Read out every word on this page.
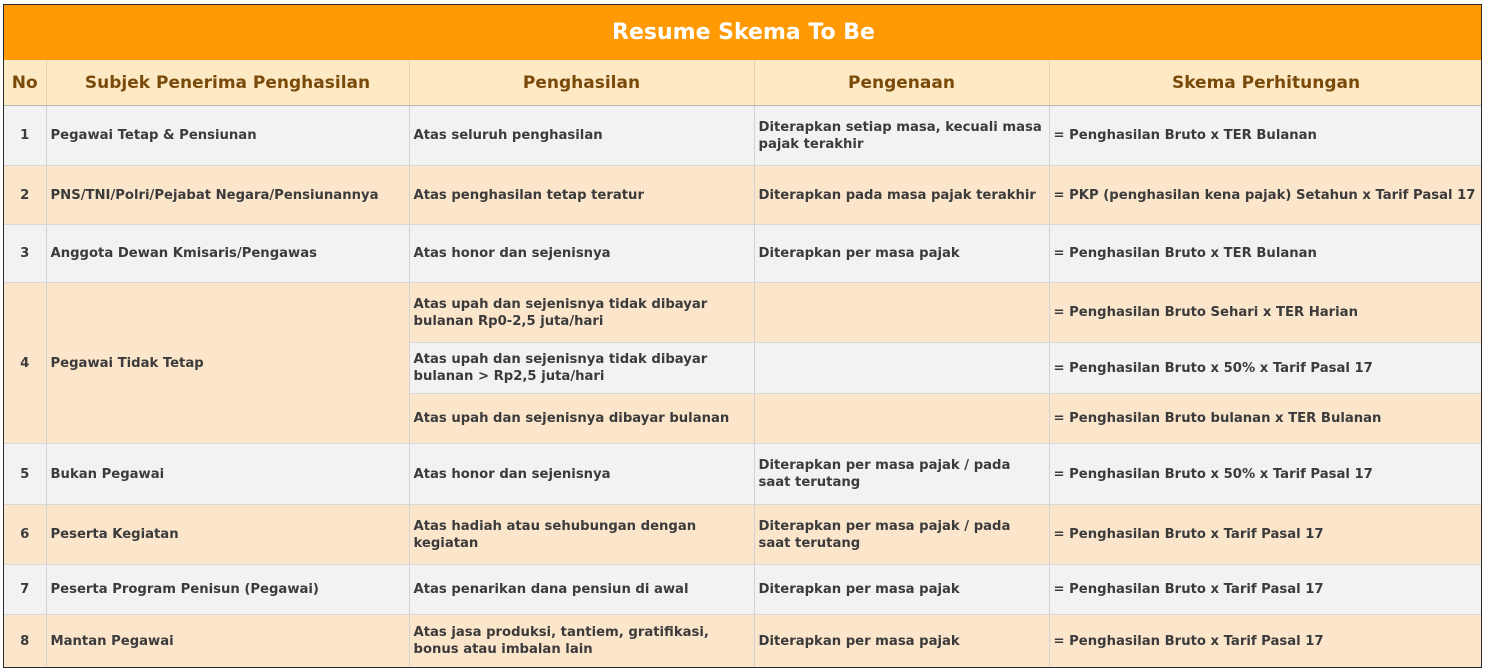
Resume Skema To Be				
No	Subjek Penerima Penghasilan	Penghasilan	Pengenaan	Skema Perhitungan
1	Pegawai Tetap & Pensiunan	Atas seluruh penghasilan	Diterapkan setiap masa, kecuali masa pajak terakhir	= Penghasilan Bruto x TER Bulanan
2	PNS/TNI/Polri/Pejabat Negara/Pensiunannya	Atas penghasilan tetap teratur	Diterapkan pada masa pajak terakhir	= PKP (penghasilan kena pajak) Setahun x Tarif Pasal 17
3	Anggota Dewan Kmisaris/Pengawas	Atas honor dan sejenisnya	Diterapkan per masa pajak	= Penghasilan Bruto x TER Bulanan
4	Pegawai Tidak Tetap	Atas upah dan sejenisnya tidak dibayar bulanan Rp0-2,5 juta/hari		= Penghasilan Bruto Sehari x TER Harian
		Atas upah dan sejenisnya tidak dibayar bulanan > Rp2,5 juta/hari		= Penghasilan Bruto x 50% x Tarif Pasal 17
		Atas upah dan sejenisnya dibayar bulanan		= Penghasilan Bruto bulanan x TER Bulanan
5	Bukan Pegawai	Atas honor dan sejenisnya	Diterapkan per masa pajak / pada saat terutang	= Penghasilan Bruto x 50% x Tarif Pasal 17
6	Peserta Kegiatan	Atas hadiah atau sehubungan dengan kegiatan	Diterapkan per masa pajak / pada saat terutang	= Penghasilan Bruto x Tarif Pasal 17
7	Peserta Program Penisun (Pegawai)	Atas penarikan dana pensiun di awal	Diterapkan per masa pajak	= Penghasilan Bruto x Tarif Pasal 17
8	Mantan Pegawai	Atas jasa produksi, tantiem, gratifikasi, bonus atau imbalan lain	Diterapkan per masa pajak	= Penghasilan Bruto x Tarif Pasal 17
